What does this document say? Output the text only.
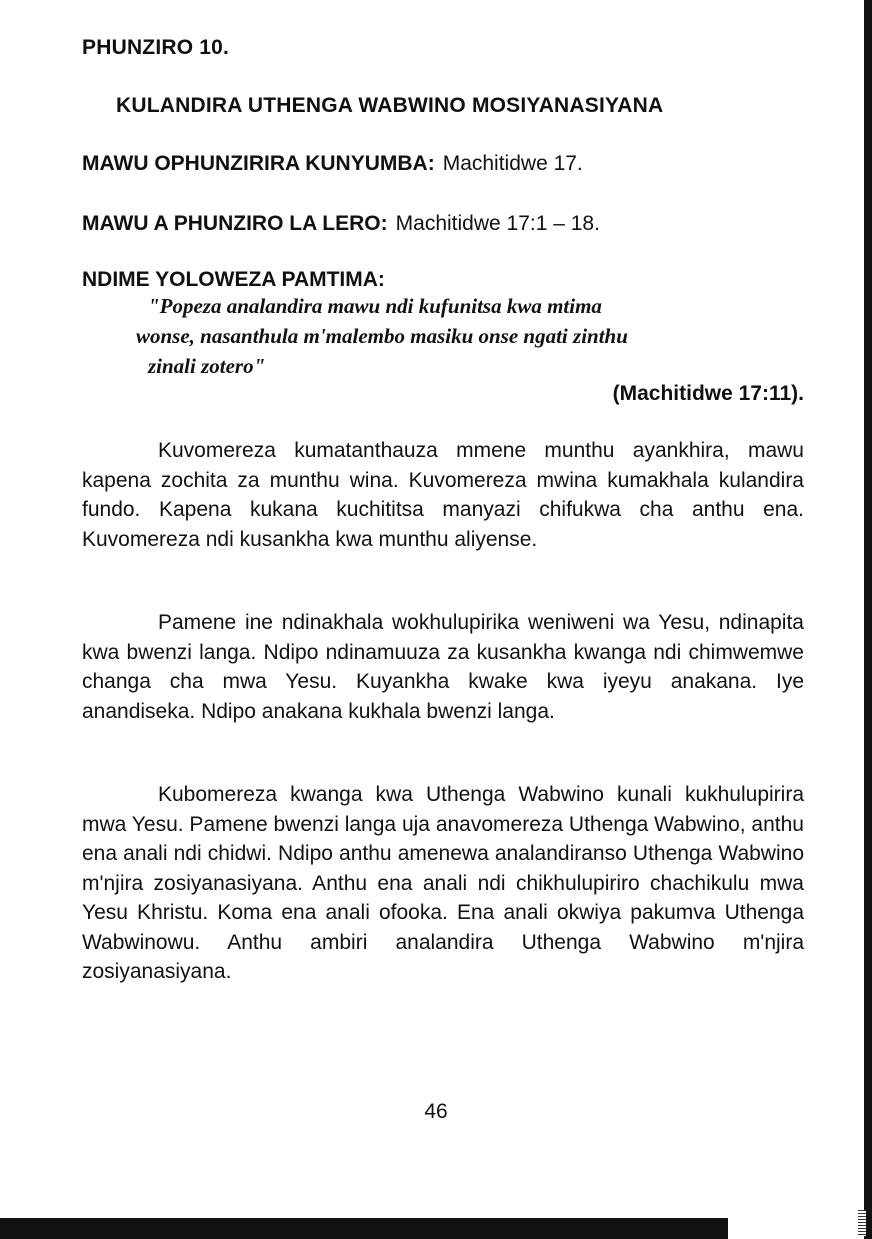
PHUNZIRO 10.
KULANDIRA UTHENGA WABWINO MOSIYANASIYANA
MAWU OPHUNZIRIRA KUNYUMBA: Machitidwe 17.
MAWU A PHUNZIRO LA LERO: Machitidwe 17:1 – 18.
NDIME YOLOWEZA PAMTIMA:
"Popeza analandira mawu ndi kufunitsa kwa mtima
wonse, nasanthula m'malembo masiku onse ngati zinthu
zinali zotero"
(Machitidwe 17:11).

Kuvomereza kumatanthauza mmene munthu ayankhira, mawu kapena zochita za munthu wina. Kuvomereza mwina kumakhala kulandira fundo. Kapena kukana kuchititsa manyazi chifukwa cha anthu ena. Kuvomereza ndi kusankha kwa munthu aliyense.

Pamene ine ndinakhala wokhulupirika weniweni wa Yesu, ndinapita kwa bwenzi langa. Ndipo ndinamuuza za kusankha kwanga ndi chimwemwe changa cha mwa Yesu. Kuyankha kwake kwa iyeyu anakana. Iye anandiseka. Ndipo anakana kukhala bwenzi langa.

Kubomereza kwanga kwa Uthenga Wabwino kunali kukhulupirira mwa Yesu. Pamene bwenzi langa uja anavomereza Uthenga Wabwino, anthu ena anali ndi chidwi. Ndipo anthu amenewa analandiranso Uthenga Wabwino m'njira zosiyanasiyana. Anthu ena anali ndi chikhulupiriro chachikulu mwa Yesu Khristu. Koma ena anali ofooka. Ena anali okwiya pakumva Uthenga Wabwinowu. Anthu ambiri analandira Uthenga Wabwino m'njira zosiyanasiyana.

46
